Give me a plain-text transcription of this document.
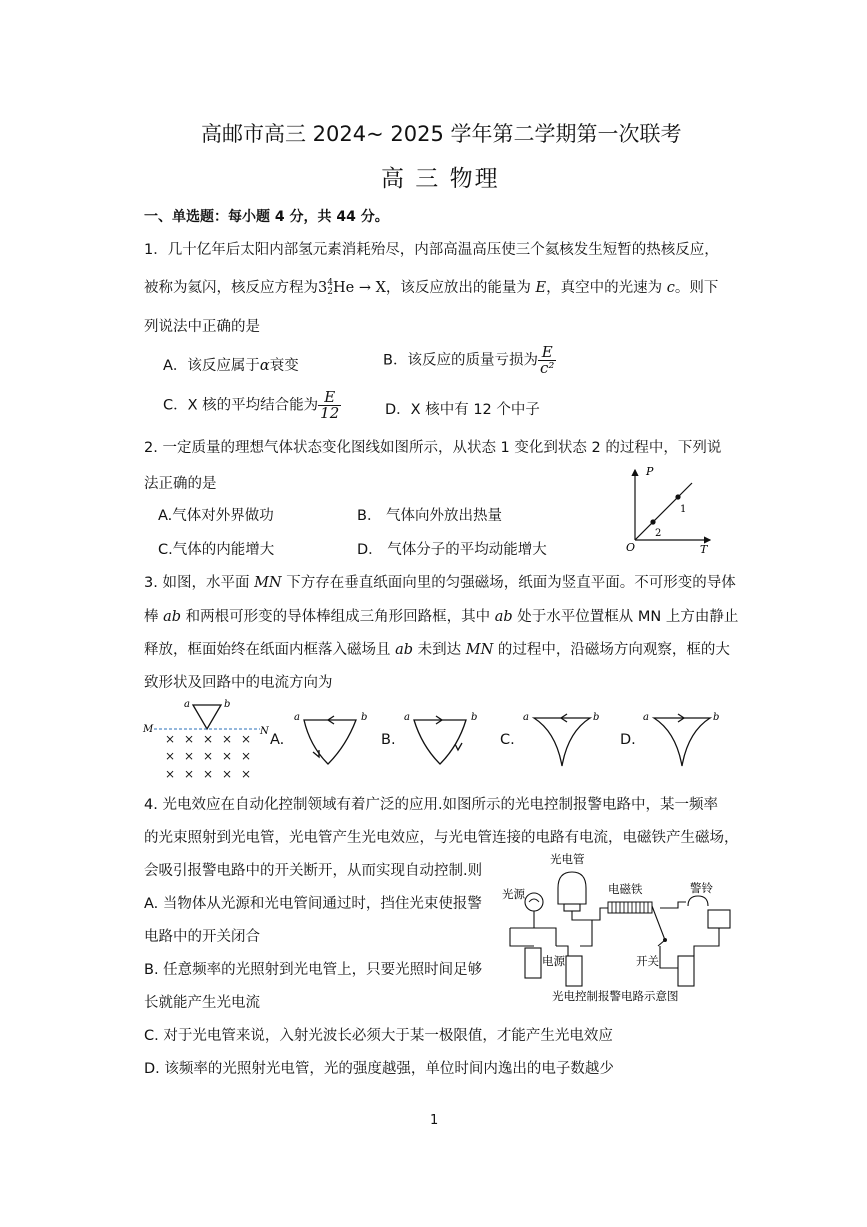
高邮市高三 2024~ 2025 学年第二学期第一次联考
高 三 物理
一、单选题：每小题 4 分，共 44 分。
1．几十亿年后太阳内部氢元素消耗殆尽，内部高温高压使三个氦核发生短暂的热核反应，
被称为氦闪，核反应方程为3 4
2 He → X，该反应放出的能量为 E，真空中的光速为 c。则下
列说法中正确的是
A．该反应属于α衰变	B．该反应的质量亏损为 $\frac{E}{\text{c²}}$
C．X 核的平均结合能为 $\frac{E}{12}$	D．X 核中有 12 个中子
2. 一定质量的理想气体状态变化图线如图所示，从状态 1 变化到状态 2 的过程中，下列说
法正确的是
A.气体对外界做功	B． 气体向外放出热量
C.气体的内能增大	D． 气体分子的平均动能增大
P
T
O
1
2
3. 如图，水平面 MN 下方存在垂直纸面向里的匀强磁场，纸面为竖直平面。不可形变的导体
棒 ab 和两根可形变的导体棒组成三角形回路框，其中 ab 处于水平位置框从 MN 上方由静止
释放，框面始终在纸面内框落入磁场且 ab 未到达 MN 的过程中，沿磁场方向观察，框的大
致形状及回路中的电流方向为
a	b
M	N
× × × × ×
× × × × ×
× × × × ×
A.
a	b
B.
a	b
C.
a	b
D.
a	b
4. 光电效应在自动化控制领域有着广泛的应用.如图所示的光电控制报警电路中，某一频率
的光束照射到光电管，光电管产生光电效应，与光电管连接的电路有电流，电磁铁产生磁场，
会吸引报警电路中的开关断开，从而实现自动控制.则
A. 当物体从光源和光电管间通过时，挡住光束使报警
电路中的开关闭合
B. 任意频率的光照射到光电管上，只要光照时间足够
长就能产生光电流
C. 对于光电管来说，入射光波长必须大于某一极限值，才能产生光电效应
D. 该频率的光照射光电管，光的强度越强，单位时间内逸出的电子数越少
光电管
光源	电磁铁	警铃
电源	开关
光电控制报警电路示意图
1
